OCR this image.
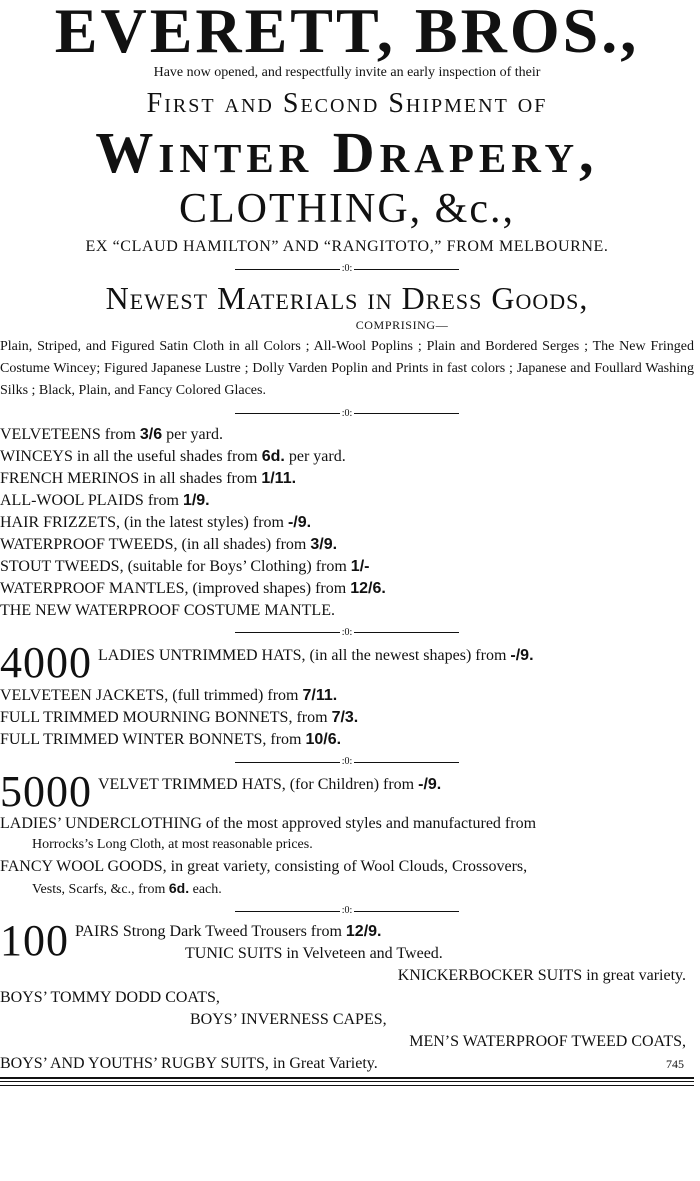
EVERETT, BROS.,

Have now opened, and respectfully invite an early inspection of their

First and Second Shipment of

Winter Drapery,

CLOTHING, &c.,

EX “CLAUD HAMILTON” AND “RANGITOTO,” FROM MELBOURNE.

:0:

Newest Materials in Dress Goods,

COMPRISING—

Plain, Striped, and Figured Satin Cloth in all Colors ; All-Wool Poplins ; Plain and Bordered Serges ; The New Fringed Costume Wincey; Figured Japanese Lustre ; Dolly Varden Poplin and Prints in fast colors ; Japanese and Foullard Washing Silks ; Black, Plain, and Fancy Colored Glaces.

:0:
VELVETEENS from 3/6 per yard.
WINCEYS in all the useful shades from 6d. per yard.
FRENCH MERINOS in all shades from 1/11.
ALL-WOOL PLAIDS from 1/9.
HAIR FRIZZETS, (in the latest styles) from -/9.
WATERPROOF TWEEDS, (in all shades) from 3/9.
STOUT TWEEDS, (suitable for Boys’ Clothing) from 1/-
WATERPROOF MANTLES, (improved shapes) from 12/6.
THE NEW WATERPROOF COSTUME MANTLE.
:0:
4000 LADIES UNTRIMMED HATS, (in all the newest shapes) from -/9.
VELVETEEN JACKETS, (full trimmed) from 7/11.
FULL TRIMMED MOURNING BONNETS, from 7/3.
FULL TRIMMED WINTER BONNETS, from 10/6.
:0:
5000 VELVET TRIMMED HATS, (for Children) from -/9.

LADIES’ UNDERCLOTHING of the most approved styles and manufactured from
Horrocks’s Long Cloth, at most reasonable prices.

FANCY WOOL GOODS, in great variety, consisting of Wool Clouds, Crossovers,
Vests, Scarfs, &c., from 6d. each.

:0:
100 PAIRS Strong Dark Tweed Trousers from 12/9.
TUNIC SUITS in Velveteen and Tweed.
KNICKERBOCKER SUITS in great variety.
BOYS’ TOMMY DODD COATS,
BOYS’ INVERNESS CAPES,
MEN’S WATERPROOF TWEED COATS,
BOYS’ AND YOUTHS’ RUGBY SUITS, in Great Variety.	745
